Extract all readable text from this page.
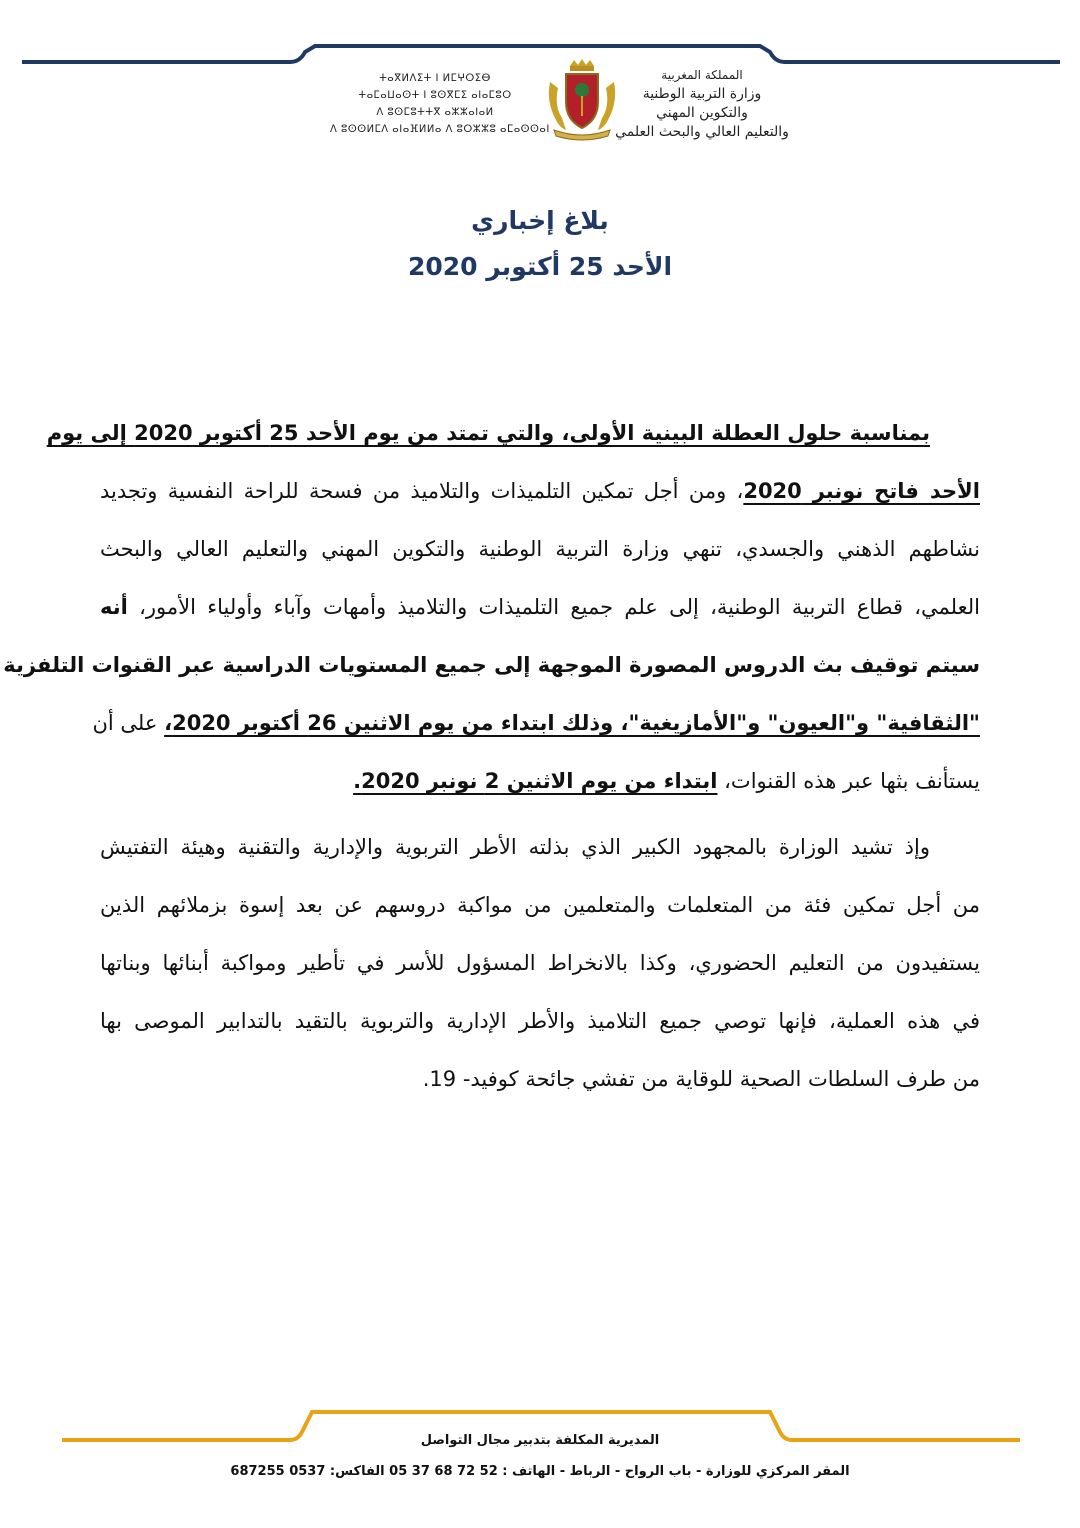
ⵜⴰⴳⵍⴷⵉⵜ ⵏ ⵍⵎⵖⵔⵉⴱ
ⵜⴰⵎⴰⵡⴰⵙⵜ ⵏ ⵓⵙⴳⵎⵉ ⴰⵏⴰⵎⵓⵔ
ⴷ ⵓⵙⵎⵓⵜⵜⴳ ⴰⵣⵣⴰⵏⴰⵍ
ⴷ ⵓⵙⵙⵍⵎⴷ ⴰⵏⴰⴼⵍⵍⴰ ⴷ ⵓⵔⵣⵣⵓ ⴰⵎⴰⵙⵙⴰⵏ
المملكة المغربية
وزارة التربية الوطنية
والتكوين المهني
والتعليم العالي والبحث العلمي
بلاغ إخباري
الأحد 25 أكتوبر 2020
بمناسبة حلول العطلة البينية الأولى، والتي تمتد من يوم الأحد 25 أكتوبر 2020 إلى يوم
الأحد فاتح نونبر 2020، ومن أجل تمكين التلميذات والتلاميذ من فسحة للراحة النفسية وتجديد
نشاطهم الذهني والجسدي، تنهي وزارة التربية الوطنية والتكوين المهني والتعليم العالي والبحث
العلمي، قطاع التربية الوطنية، إلى علم جميع التلميذات والتلاميذ وأمهات وآباء وأولياء الأمور، أنه
سيتم توقيف بث الدروس المصورة الموجهة إلى جميع المستويات الدراسية عبر القنوات التلفزية
"الثقافية" و"العيون" و"الأمازيغية"، وذلك ابتداء من يوم الاثنين 26 أكتوبر 2020، على أن
يستأنف بثها عبر هذه القنوات، ابتداء من يوم الاثنين 2 نونبر 2020.
وإذ تشيد الوزارة بالمجهود الكبير الذي بذلته الأطر التربوية والإدارية والتقنية وهيئة التفتيش
من أجل تمكين فئة من المتعلمات والمتعلمين من مواكبة دروسهم عن بعد إسوة بزملائهم الذين
يستفيدون من التعليم الحضوري، وكذا بالانخراط المسؤول للأسر في تأطير ومواكبة أبنائها وبناتها
في هذه العملية، فإنها توصي جميع التلاميذ والأطر الإدارية والتربوية بالتقيد بالتدابير الموصى بها
من طرف السلطات الصحية للوقاية من تفشي جائحة كوفيد- 19.
المديرية المكلفة بتدبير مجال التواصل
المقر المركزي للوزارة - باب الرواح - الرباط - الهاتف : 52 72 68 37 05 الفاكس: 0537 687255
